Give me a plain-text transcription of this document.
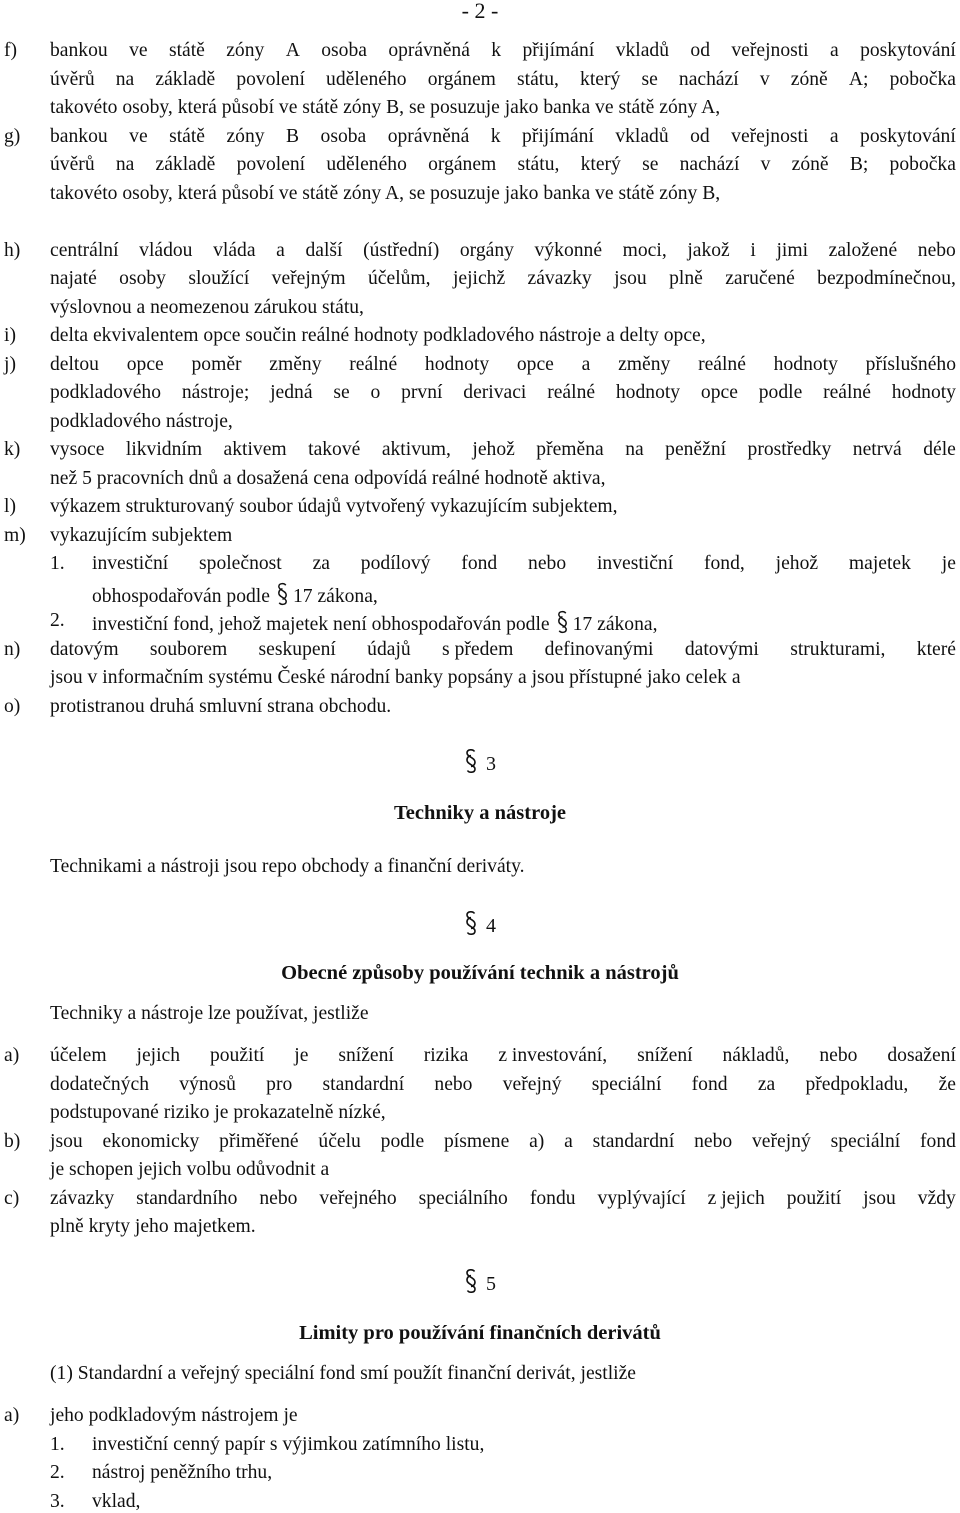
- 2 -
f) bankou ve státě zóny A osoba oprávněná k přijímání vkladů od veřejnosti a poskytování
úvěrů na základě povolení uděleného orgánem státu, který se nachází v zóně A; pobočka
takovéto osoby, která působí ve státě zóny B, se posuzuje jako banka ve státě zóny A,
g) bankou ve státě zóny B osoba oprávněná k přijímání vkladů od veřejnosti a poskytování
úvěrů na základě povolení uděleného orgánem státu, který se nachází v zóně B; pobočka
takovéto osoby, která působí ve státě zóny A, se posuzuje jako banka ve státě zóny B,
h) centrální vládou vláda a další (ústřední) orgány výkonné moci, jakož i jimi založené nebo
najaté osoby sloužící veřejným účelům, jejichž závazky jsou plně zaručené bezpodmínečnou,
výslovnou a neomezenou zárukou státu,
i) delta ekvivalentem opce součin reálné hodnoty podkladového nástroje a delty opce,
j) deltou opce poměr změny reálné hodnoty opce a změny reálné hodnoty příslušného
podkladového nástroje; jedná se o první derivaci reálné hodnoty opce podle reálné hodnoty
podkladového nástroje,
k) vysoce likvidním aktivem takové aktivum, jehož přeměna na peněžní prostředky netrvá déle
než 5 pracovních dnů a dosažená cena odpovídá reálné hodnotě aktiva,
l) výkazem strukturovaný soubor údajů vytvořený vykazujícím subjektem,
m) vykazujícím subjektem
1. investiční společnost za podílový fond nebo investiční fond, jehož majetek je
obhospodařován podle 17 zákona,
2. investiční fond, jehož majetek není obhospodařován podle 17 zákona,
n) datovým souborem seskupení údajů s předem definovanými datovými strukturami, které
jsou v informačním systému České národní banky popsány a jsou přístupné jako celek a
o) protistranou druhá smluvní strana obchodu.
3
Techniky a nástroje
Technikami a nástroji jsou repo obchody a finanční deriváty.
4
Obecné způsoby používání technik a nástrojů
Techniky a nástroje lze používat, jestliže
a) účelem jejich použití je snížení rizika z investování, snížení nákladů, nebo dosažení
dodatečných výnosů pro standardní nebo veřejný speciální fond za předpokladu, že
podstupované riziko je prokazatelně nízké,
b) jsou ekonomicky přiměřené účelu podle písmene a) a standardní nebo veřejný speciální fond
je schopen jejich volbu odůvodnit a
c) závazky standardního nebo veřejného speciálního fondu vyplývající z jejich použití jsou vždy
plně kryty jeho majetkem.
5
Limity pro používání finančních derivátů
(1) Standardní a veřejný speciální fond smí použít finanční derivát, jestliže
a) jeho podkladovým nástrojem je
1. investiční cenný papír s výjimkou zatímního listu,
2. nástroj peněžního trhu,
3. vklad,
